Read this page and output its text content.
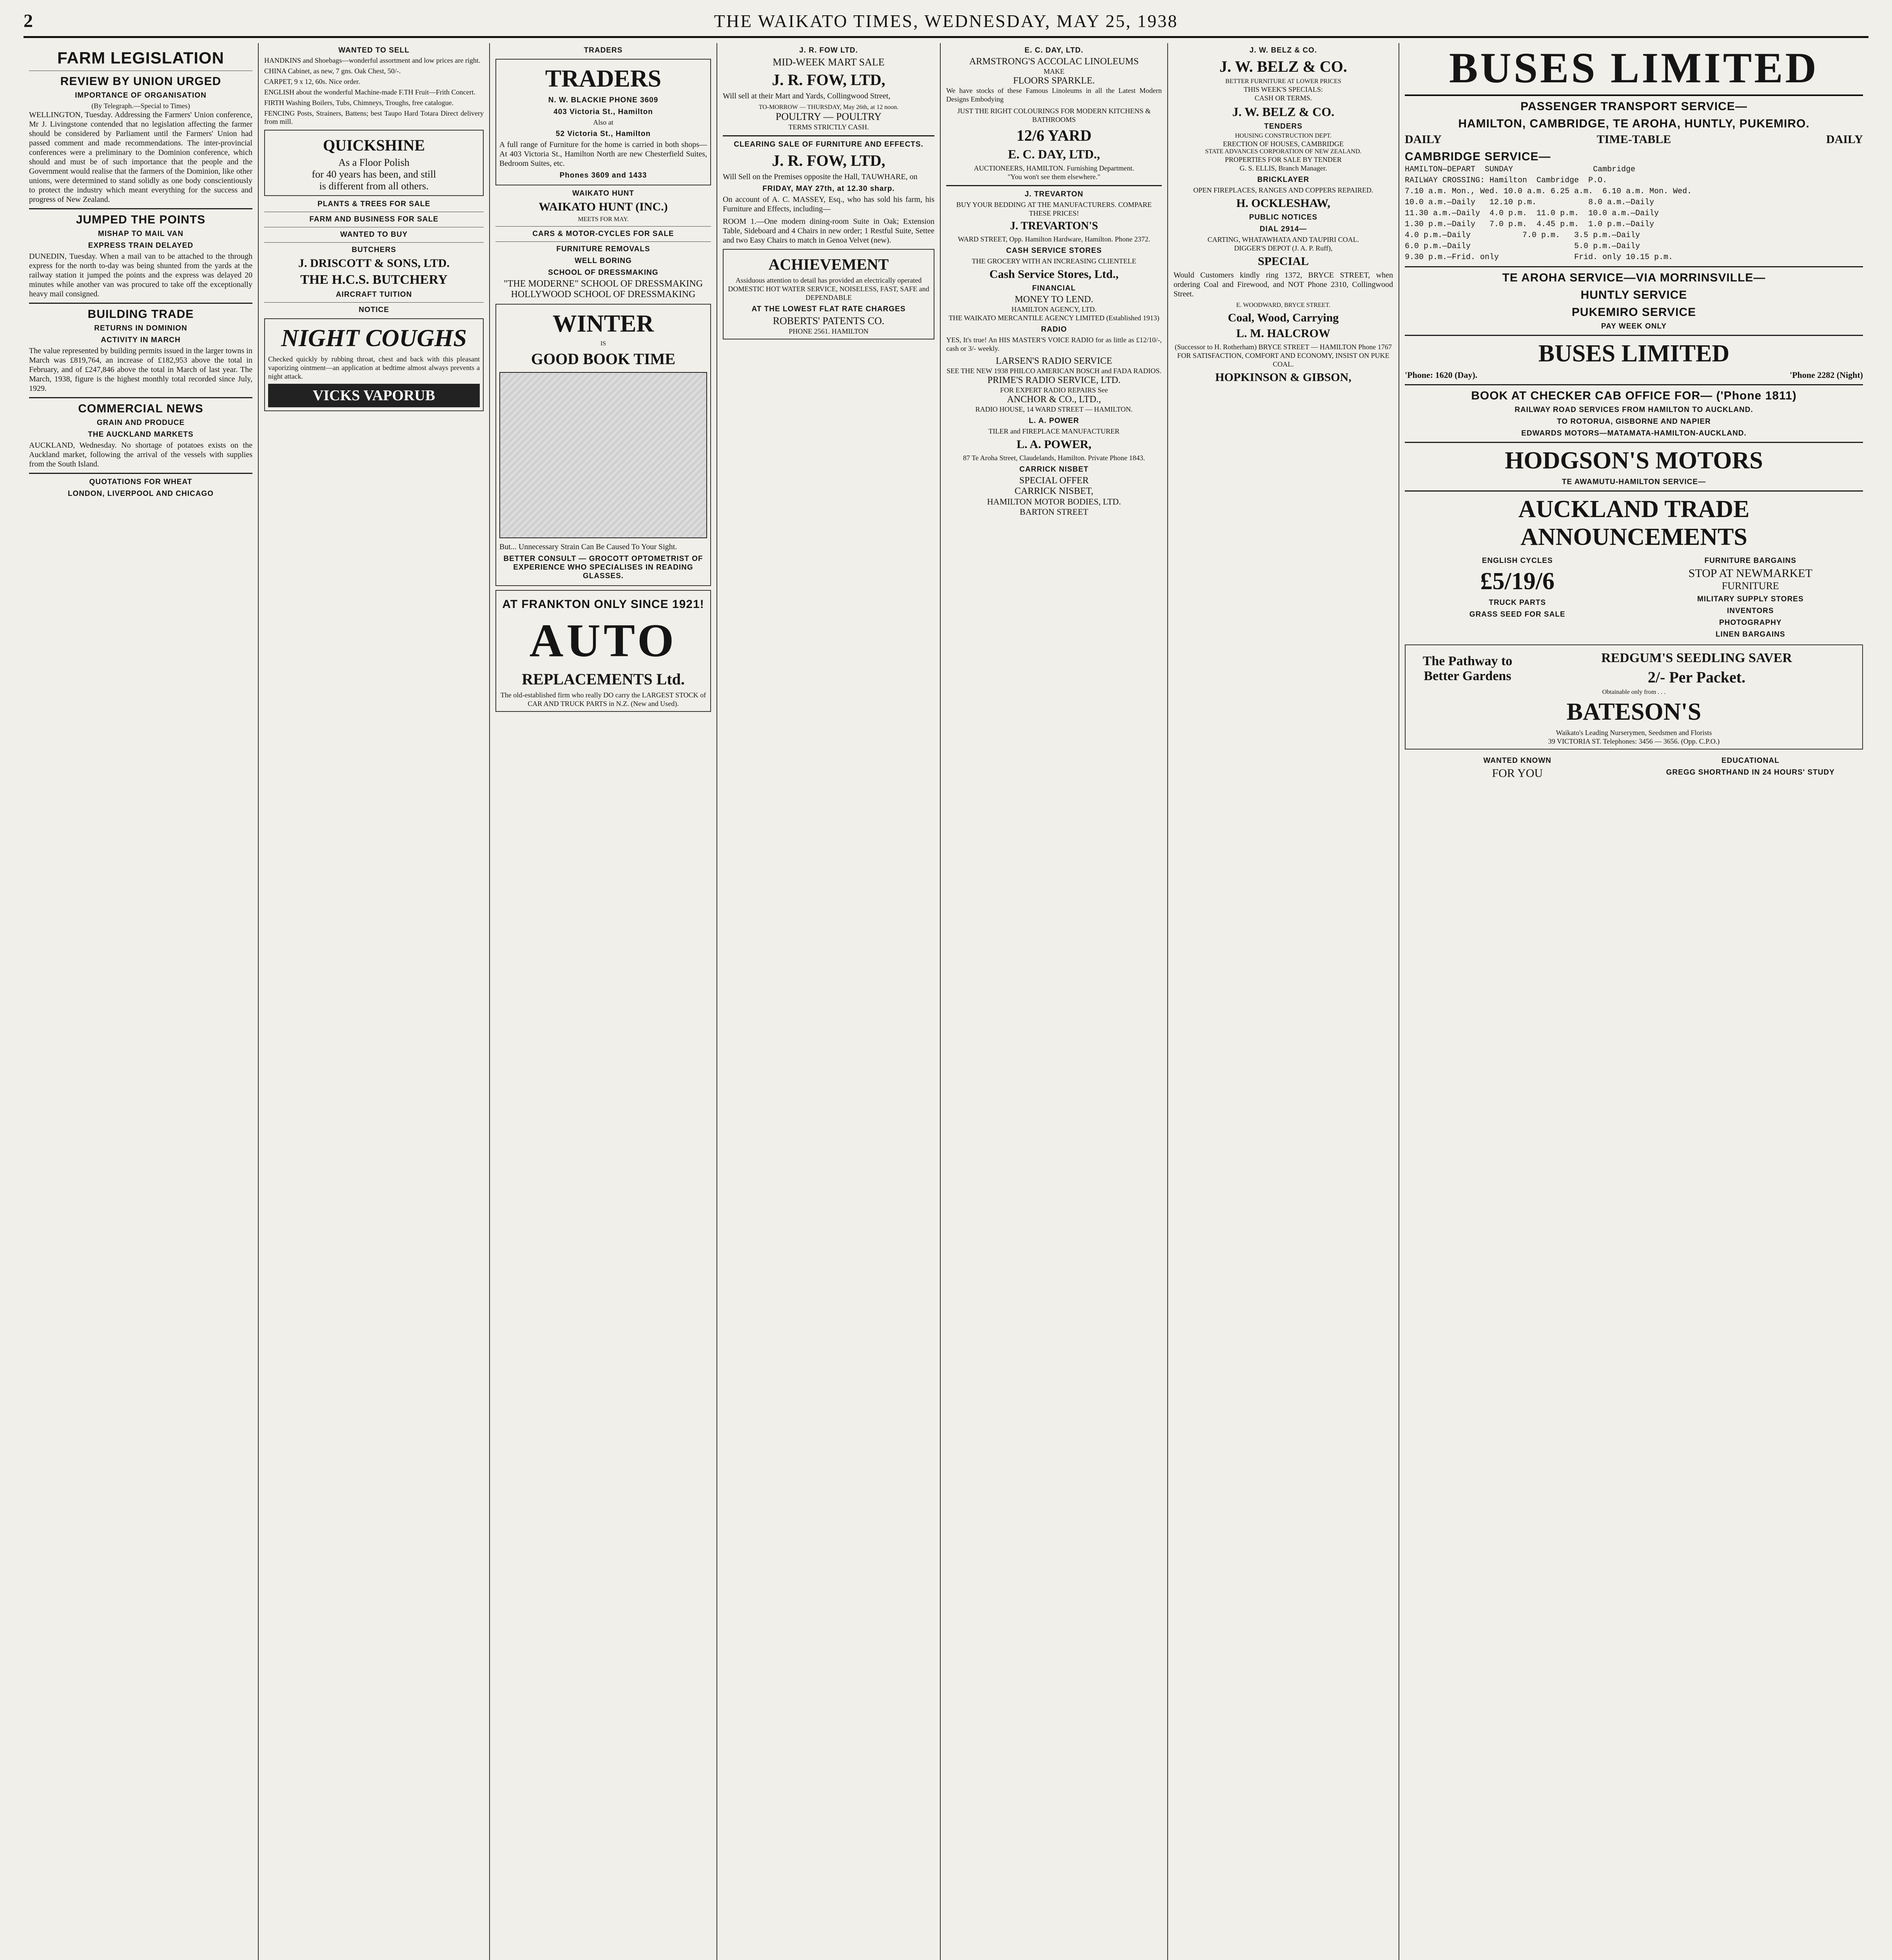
2	THE WAIKATO TIMES, WEDNESDAY, MAY 25, 1938
FARM LEGISLATION
REVIEW BY UNION URGED
IMPORTANCE OF ORGANISATION
(By Telegraph.—Special to Times)

WELLINGTON, Tuesday. Addressing the Farmers' Union conference, Mr J. Livingstone contended that no legislation affecting the farmer should be considered by Parliament until the Farmers' Union had passed comment and made recommendations. The inter-provincial conferences were a preliminary to the Dominion conference, which should and must be of such importance that the people and the Government would realise that the farmers of the Dominion, like other unions, were determined to stand solidly as one body conscientiously to protect the industry which meant everything for the success and progress of New Zealand.

JUMPED THE POINTS
MISHAP TO MAIL VAN
EXPRESS TRAIN DELAYED

DUNEDIN, Tuesday. When a mail van to be attached to the through express for the north to-day was being shunted from the yards at the railway station it jumped the points and the express was delayed 20 minutes while another van was procured to take off the exceptionally heavy mail consigned.

BUILDING TRADE
RETURNS IN DOMINION
ACTIVITY IN MARCH

The value represented by building permits issued in the larger towns in March was £819,764, an increase of £182,953 above the total in February, and of £247,846 above the total in March of last year. The March, 1938, figure is the highest monthly total recorded since July, 1929.

COMMERCIAL NEWS
GRAIN AND PRODUCE
THE AUCKLAND MARKETS

AUCKLAND, Wednesday. No shortage of potatoes exists on the Auckland market, following the arrival of the vessels with supplies from the South Island.

QUOTATIONS FOR WHEAT
LONDON, LIVERPOOL AND CHICAGO
WANTED TO SELL
HANDKINS and Shoebags—wonderful assortment and low prices are right.
CHINA Cabinet, as new, 7 gns. Oak Chest, 50/-.
CARPET, 9 x 12, 60s. Nice order.
ENGLISH about the wonderful Machine-made F.TH Fruit—Frith Concert.
FIRTH Washing Boilers, Tubs, Chimneys, Troughs, free catalogue.
FENCING Posts, Strainers, Battens; best Taupo Hard Totara Direct delivery from mill.
QUICKSHINE
As a Floor Polish
for 40 years has been, and still
is different from all others.
PLANTS & TREES FOR SALE
FARM AND BUSINESS FOR SALE
WANTED TO BUY
BUTCHERS
J. DRISCOTT & SONS, LTD.
THE H.C.S. BUTCHERY
AIRCRAFT TUITION
NOTICE
NIGHT COUGHS

Checked quickly by rubbing throat, chest and back with this pleasant vaporizing ointment—an application at bedtime almost always prevents a night attack.

VICKS VAPORUB
TRADERS
TRADERS
N. W. BLACKIE PHONE 3609
403 Victoria St., Hamilton
Also at
52 Victoria St., Hamilton

A full range of Furniture for the home is carried in both shops—At 403 Victoria St., Hamilton North are new Chesterfield Suites, Bedroom Suites, etc.

Phones 3609 and 1433
WAIKATO HUNT
WAIKATO HUNT (INC.)
MEETS FOR MAY.
CARS & MOTOR-CYCLES FOR SALE
FURNITURE REMOVALS
WELL BORING
SCHOOL OF DRESSMAKING
"THE MODERNE" SCHOOL OF DRESSMAKING
HOLLYWOOD SCHOOL OF DRESSMAKING
WINTER
IS
GOOD BOOK TIME

But... Unnecessary Strain Can Be Caused To Your Sight.

BETTER CONSULT — GROCOTT OPTOMETRIST OF EXPERIENCE WHO SPECIALISES IN READING GLASSES.
AT FRANKTON ONLY SINCE 1921!
AUTO
REPLACEMENTS Ltd.
The old-established firm who really DO carry the LARGEST STOCK of CAR AND TRUCK PARTS in N.Z. (New and Used).
J. R. FOW LTD.
MID-WEEK MART SALE
J. R. FOW, LTD,

Will sell at their Mart and Yards, Collingwood Street,

TO-MORROW — THURSDAY, May 26th, at 12 noon.
POULTRY — POULTRY
TERMS STRICTLY CASH.
CLEARING SALE OF FURNITURE AND EFFECTS.
J. R. FOW, LTD,

Will Sell on the Premises opposite the Hall, TAUWHARE, on

FRIDAY, MAY 27th, at 12.30 sharp.

On account of A. C. MASSEY, Esq., who has sold his farm, his Furniture and Effects, including—

ROOM 1.—One modern dining-room Suite in Oak; Extension Table, Sideboard and 4 Chairs in new order; 1 Restful Suite, Settee and two Easy Chairs to match in Genoa Velvet (new).

ACHIEVEMENT

Assiduous attention to detail has provided an electrically operated DOMESTIC HOT WATER SERVICE, NOISELESS, FAST, SAFE and DEPENDABLE

AT THE LOWEST FLAT RATE CHARGES
ROBERTS' PATENTS CO.
PHONE 2561. HAMILTON
E. C. DAY, LTD.
ARMSTRONG'S ACCOLAC LINOLEUMS
MAKE
FLOORS SPARKLE.

We have stocks of these Famous Linoleums in all the Latest Modern Designs Embodying

JUST THE RIGHT COLOURINGS FOR MODERN KITCHENS & BATHROOMS
12/6 YARD
E. C. DAY, LTD.,
AUCTIONEERS, HAMILTON. Furnishing Department.
"You won't see them elsewhere."
J. TREVARTON
BUY YOUR BEDDING AT THE MANUFACTURERS. COMPARE THESE PRICES!
J. TREVARTON'S
WARD STREET, Opp. Hamilton Hardware, Hamilton. Phone 2372.
CASH SERVICE STORES
THE GROCERY WITH AN INCREASING CLIENTELE
Cash Service Stores, Ltd.,
FINANCIAL
MONEY TO LEND.
HAMILTON AGENCY, LTD.
THE WAIKATO MERCANTILE AGENCY LIMITED (Established 1913)
RADIO

YES, It's true! An HIS MASTER'S VOICE RADIO for as little as £12/10/-, cash or 3/- weekly.

LARSEN'S RADIO SERVICE
SEE THE NEW 1938 PHILCO AMERICAN BOSCH and FADA RADIOS.
PRIME'S RADIO SERVICE, LTD.
FOR EXPERT RADIO REPAIRS See
ANCHOR & CO., LTD.,
RADIO HOUSE, 14 WARD STREET — HAMILTON.
L. A. POWER
TILER and FIREPLACE MANUFACTURER
L. A. POWER,
87 Te Aroha Street, Claudelands, Hamilton. Private Phone 1843.
CARRICK NISBET
SPECIAL OFFER
CARRICK NISBET,
HAMILTON MOTOR BODIES, LTD.
BARTON STREET
J. W. BELZ & CO.
J. W. BELZ & CO.
BETTER FURNITURE AT LOWER PRICES
THIS WEEK'S SPECIALS:
CASH OR TERMS.
J. W. BELZ & CO.
TENDERS
HOUSING CONSTRUCTION DEPT.
ERECTION OF HOUSES, CAMBRIDGE
STATE ADVANCES CORPORATION OF NEW ZEALAND.
PROPERTIES FOR SALE BY TENDER
G. S. ELLIS, Branch Manager.
BRICKLAYER
OPEN FIREPLACES, RANGES AND COPPERS REPAIRED.
H. OCKLESHAW,
PUBLIC NOTICES
DIAL 2914—
CARTING, WHATAWHATA AND TAUPIRI COAL.
DIGGER'S DEPOT (J. A. P. Ruff),
SPECIAL

Would Customers kindly ring 1372, BRYCE STREET, when ordering Coal and Firewood, and NOT Phone 2310, Collingwood Street.

E. WOODWARD, BRYCE STREET.
Coal, Wood, Carrying
L. M. HALCROW
(Successor to H. Rotherham) BRYCE STREET — HAMILTON Phone 1767
FOR SATISFACTION, COMFORT AND ECONOMY, INSIST ON PUKE COAL.
HOPKINSON & GIBSON,
BUSES LIMITED
PASSENGER TRANSPORT SERVICE—
HAMILTON, CAMBRIDGE, TE AROHA, HUNTLY, PUKEMIRO.
DAILY	TIME-TABLE	DAILY
CAMBRIDGE SERVICE—
HAMILTON—DEPART  SUNDAY                 Cambridge
RAILWAY CROSSING: Hamilton  Cambridge  P.O.
7.10 a.m. Mon., Wed. 10.0 a.m. 6.25 a.m.  6.10 a.m. Mon. Wed.
10.0 a.m.—Daily   12.10 p.m.           8.0 a.m.—Daily
11.30 a.m.—Daily  4.0 p.m.  11.0 p.m.  10.0 a.m.—Daily
1.30 p.m.—Daily   7.0 p.m.  4.45 p.m.  1.0 p.m.—Daily
4.0 p.m.—Daily           7.0 p.m.   3.5 p.m.—Daily
6.0 p.m.—Daily                      5.0 p.m.—Daily
9.30 p.m.—Frid. only                Frid. only 10.15 p.m.
TE AROHA SERVICE—VIA MORRINSVILLE—
HUNTLY SERVICE
PUKEMIRO SERVICE
PAY WEEK ONLY
BUSES LIMITED
'Phone: 1620 (Day).	'Phone 2282 (Night)
BOOK AT CHECKER CAB OFFICE FOR— ('Phone 1811)
RAILWAY ROAD SERVICES FROM HAMILTON TO AUCKLAND.
TO ROTORUA, GISBORNE AND NAPIER
EDWARDS MOTORS—MATAMATA-HAMILTON-AUCKLAND.
HODGSON'S MOTORS
TE AWAMUTU-HAMILTON SERVICE—
AUCKLAND TRADE ANNOUNCEMENTS
ENGLISH CYCLES
£5/19/6
TRUCK PARTS
GRASS SEED FOR SALE
FURNITURE BARGAINS
STOP AT NEWMARKET
FURNITURE
MILITARY SUPPLY STORES
INVENTORS
PHOTOGRAPHY
LINEN BARGAINS
The Pathway to Better Gardens
REDGUM'S SEEDLING SAVER
2/- Per Packet.
Obtainable only from . . .
BATESON'S
Waikato's Leading Nurserymen, Seedsmen and Florists
39 VICTORIA ST. Telephones: 3456 — 3656. (Opp. C.P.O.)
WANTED KNOWN
FOR YOU
EDUCATIONAL
GREGG SHORTHAND IN 24 HOURS' STUDY
